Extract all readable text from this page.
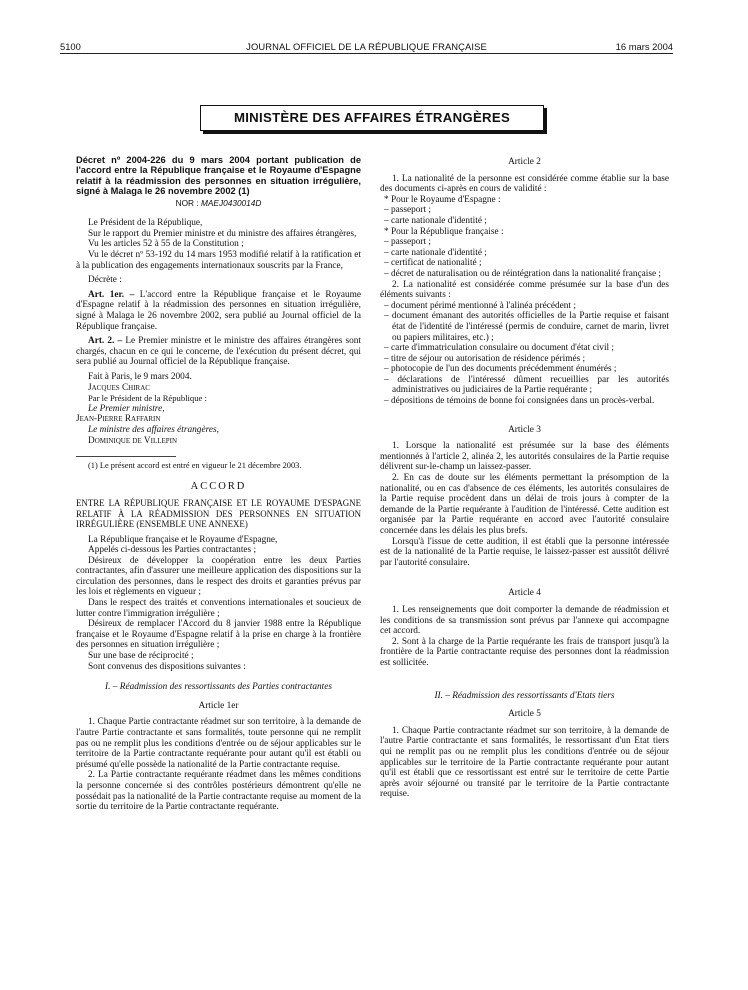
5100	JOURNAL OFFICIEL DE LA RÉPUBLIQUE FRANÇAISE	16 mars 2004
MINISTÈRE DES AFFAIRES ÉTRANGÈRES
Décret nº 2004-226 du 9 mars 2004 portant publication de l'accord entre la République française et le Royaume d'Espagne relatif à la réadmission des personnes en situation irrégulière, signé à Malaga le 26 novembre 2002 (1)
NOR : MAEJ0430014D

Le Président de la République,

Sur le rapport du Premier ministre et du ministre des affaires étrangères,

Vu les articles 52 à 55 de la Constitution ;

Vu le décret nº 53-192 du 14 mars 1953 modifié relatif à la ratification et à la publication des engagements internationaux souscrits par la France,

Décrète :

Art. 1er. – L'accord entre la République française et le Royaume d'Espagne relatif à la réadmission des personnes en situation irrégulière, signé à Malaga le 26 novembre 2002, sera publié au Journal officiel de la République française.

Art. 2. – Le Premier ministre et le ministre des affaires étrangères sont chargés, chacun en ce qui le concerne, de l'exécution du présent décret, qui sera publié au Journal officiel de la République française.

Fait à Paris, le 9 mars 2004.

Jacques Chirac

Par le Président de la République :

Le Premier ministre,

Jean-Pierre Raffarin

Le ministre des affaires étrangères,

Dominique de Villepin

(1) Le présent accord est entré en vigueur le 21 décembre 2003.

ACCORD
ENTRE LA RÉPUBLIQUE FRANÇAISE ET LE ROYAUME D'ESPAGNE RELATIF À LA RÉADMISSION DES PERSONNES EN SITUATION IRRÉGULIÈRE (ENSEMBLE UNE ANNEXE)

La République française et le Royaume d'Espagne,

Appelés ci-dessous les Parties contractantes ;

Désireux de développer la coopération entre les deux Parties contractantes, afin d'assurer une meilleure application des dispositions sur la circulation des personnes, dans le respect des droits et garanties prévus par les lois et règlements en vigueur ;

Dans le respect des traités et conventions internationales et soucieux de lutter contre l'immigration irrégulière ;

Désireux de remplacer l'Accord du 8 janvier 1988 entre la République française et le Royaume d'Espagne relatif à la prise en charge à la frontière des personnes en situation irrégulière ;

Sur une base de réciprocité ;

Sont convenus des dispositions suivantes :

I. – Réadmission des ressortissants des Parties contractantes
Article 1er

1. Chaque Partie contractante réadmet sur son territoire, à la demande de l'autre Partie contractante et sans formalités, toute personne qui ne remplit pas ou ne remplit plus les conditions d'entrée ou de séjour applicables sur le territoire de la Partie contractante requérante pour autant qu'il est établi ou présumé qu'elle possède la nationalité de la Partie contractante requise.

2. La Partie contractante requérante réadmet dans les mêmes conditions la personne concernée si des contrôles postérieurs démontrent qu'elle ne possédait pas la nationalité de la Partie contractante requise au moment de la sortie du territoire de la Partie contractante requérante.

Article 2

1. La nationalité de la personne est considérée comme établie sur la base des documents ci-après en cours de validité :

* Pour le Royaume d'Espagne :

– passeport ;

– carte nationale d'identité ;

* Pour la République française :

– passeport ;

– carte nationale d'identité ;

– certificat de nationalité ;

– décret de naturalisation ou de réintégration dans la nationalité française ;

2. La nationalité est considérée comme présumée sur la base d'un des éléments suivants :

– document périmé mentionné à l'alinéa précédent ;

– document émanant des autorités officielles de la Partie requise et faisant état de l'identité de l'intéressé (permis de conduire, carnet de marin, livret ou papiers militaires, etc.) ;

– carte d'immatriculation consulaire ou document d'état civil ;

– titre de séjour ou autorisation de résidence périmés ;

– photocopie de l'un des documents précédemment énumérés ;

– déclarations de l'intéressé dûment recueillies par les autorités administratives ou judiciaires de la Partie requérante ;

– dépositions de témoins de bonne foi consignées dans un procès-verbal.

Article 3

1. Lorsque la nationalité est présumée sur la base des éléments mentionnés à l'article 2, alinéa 2, les autorités consulaires de la Partie requise délivrent sur-le-champ un laissez-passer.

2. En cas de doute sur les éléments permettant la présomption de la nationalité, ou en cas d'absence de ces éléments, les autorités consulaires de la Partie requise procèdent dans un délai de trois jours à compter de la demande de la Partie requérante à l'audition de l'intéressé. Cette audition est organisée par la Partie requérante en accord avec l'autorité consulaire concernée dans les délais les plus brefs.

Lorsqu'à l'issue de cette audition, il est établi que la personne intéressée est de la nationalité de la Partie requise, le laissez-passer est aussitôt délivré par l'autorité consulaire.

Article 4

1. Les renseignements que doit comporter la demande de réadmission et les conditions de sa transmission sont prévus par l'annexe qui accompagne cet accord.

2. Sont à la charge de la Partie requérante les frais de transport jusqu'à la frontière de la Partie contractante requise des personnes dont la réadmission est sollicitée.

II. – Réadmission des ressortissants d'Etats tiers
Article 5

1. Chaque Partie contractante réadmet sur son territoire, à la demande de l'autre Partie contractante et sans formalités, le ressortissant d'un Etat tiers qui ne remplit pas ou ne remplit plus les conditions d'entrée ou de séjour applicables sur le territoire de la Partie contractante requérante pour autant qu'il est établi que ce ressortissant est entré sur le territoire de cette Partie après avoir séjourné ou transité par le territoire de la Partie contractante requise.
